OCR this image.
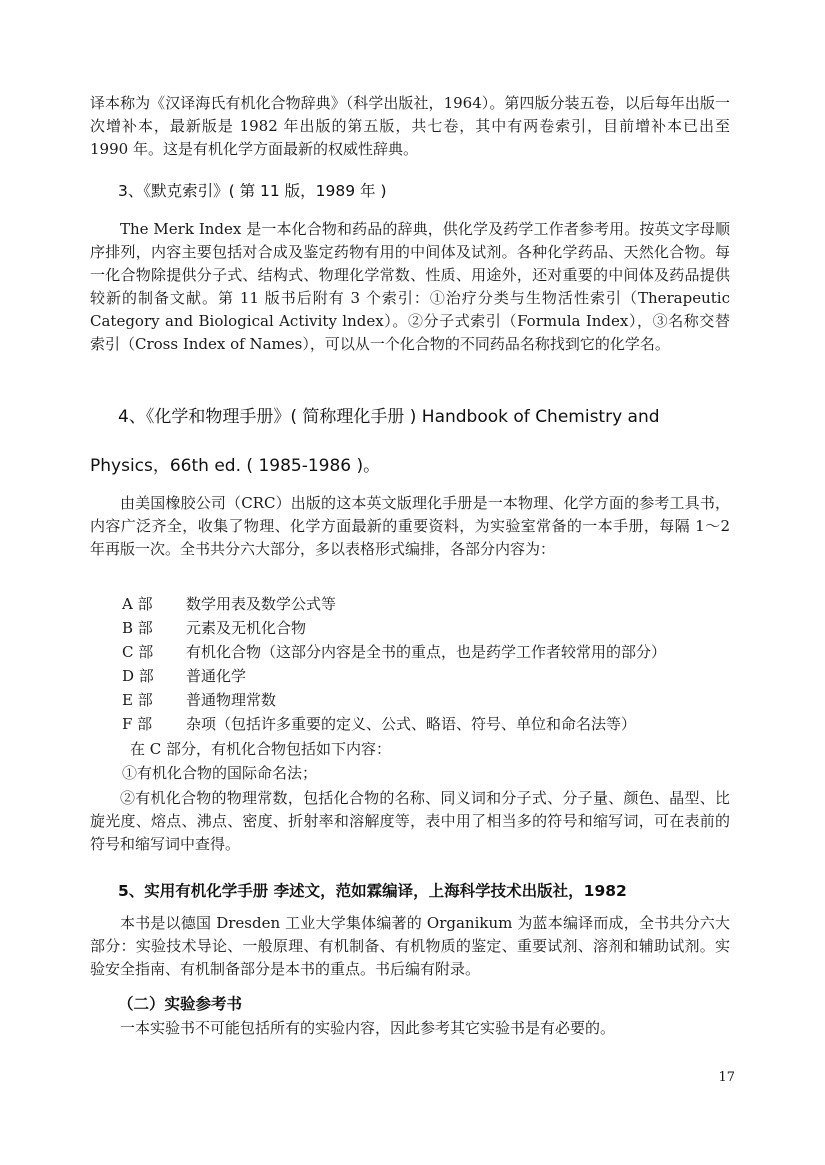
译本称为《汉译海氏有机化合物辞典》（科学出版社，1964）。第四版分装五卷，以后每年出版一次增补本，最新版是 1982 年出版的第五版，共七卷，其中有两卷索引，目前增补本已出至 1990 年。这是有机化学方面最新的权威性辞典。

3、《默克索引》( 第 11 版，1989 年 )

The Merk Index 是一本化合物和药品的辞典，供化学及药学工作者参考用。按英文字母顺序排列，内容主要包括对合成及鉴定药物有用的中间体及试剂。各种化学药品、天然化合物。每一化合物除提供分子式、结构式、物理化学常数、性质、用途外，还对重要的中间体及药品提供较新的制备文献。第 11 版书后附有 3 个索引：①治疗分类与生物活性索引（Therapeutic Category and Biological Activity lndex）。②分子式索引（Formula Index），③名称交替索引（Cross Index of Names），可以从一个化合物的不同药品名称找到它的化学名。

4、《化学和物理手册》( 简称理化手册 ) Handbook of Chemistry and
Physics，66th ed. ( 1985-1986 )。

由美国橡胶公司（CRC）出版的这本英文版理化手册是一本物理、化学方面的参考工具书，内容广泛齐全，收集了物理、化学方面最新的重要资料，为实验室常备的一本手册，每隔 1～2 年再版一次。全书共分六大部分，多以表格形式编排，各部分内容为：

A 部 数学用表及数学公式等
B 部 元素及无机化合物
C 部 有机化合物（这部分内容是全书的重点，也是药学工作者较常用的部分）
D 部 普通化学
E 部 普通物理常数
F 部 杂项（包括许多重要的定义、公式、略语、符号、单位和命名法等）
在 C 部分，有机化合物包括如下内容：
①有机化合物的国际命名法；

②有机化合物的物理常数，包括化合物的名称、同义词和分子式、分子量、颜色、晶型、比旋光度、熔点、沸点、密度、折射率和溶解度等，表中用了相当多的符号和缩写词，可在表前的符号和缩写词中查得。

5、实用有机化学手册 李述文，范如霖编译，上海科学技术出版社，1982

本书是以德国 Dresden 工业大学集体编著的 Organikum 为蓝本编译而成，全书共分六大部分：实验技术导论、一般原理、有机制备、有机物质的鉴定、重要试剂、溶剂和辅助试剂。实验安全指南、有机制备部分是本书的重点。书后编有附录。

（二）实验参考书

一本实验书不可能包括所有的实验内容，因此参考其它实验书是有必要的。

17
